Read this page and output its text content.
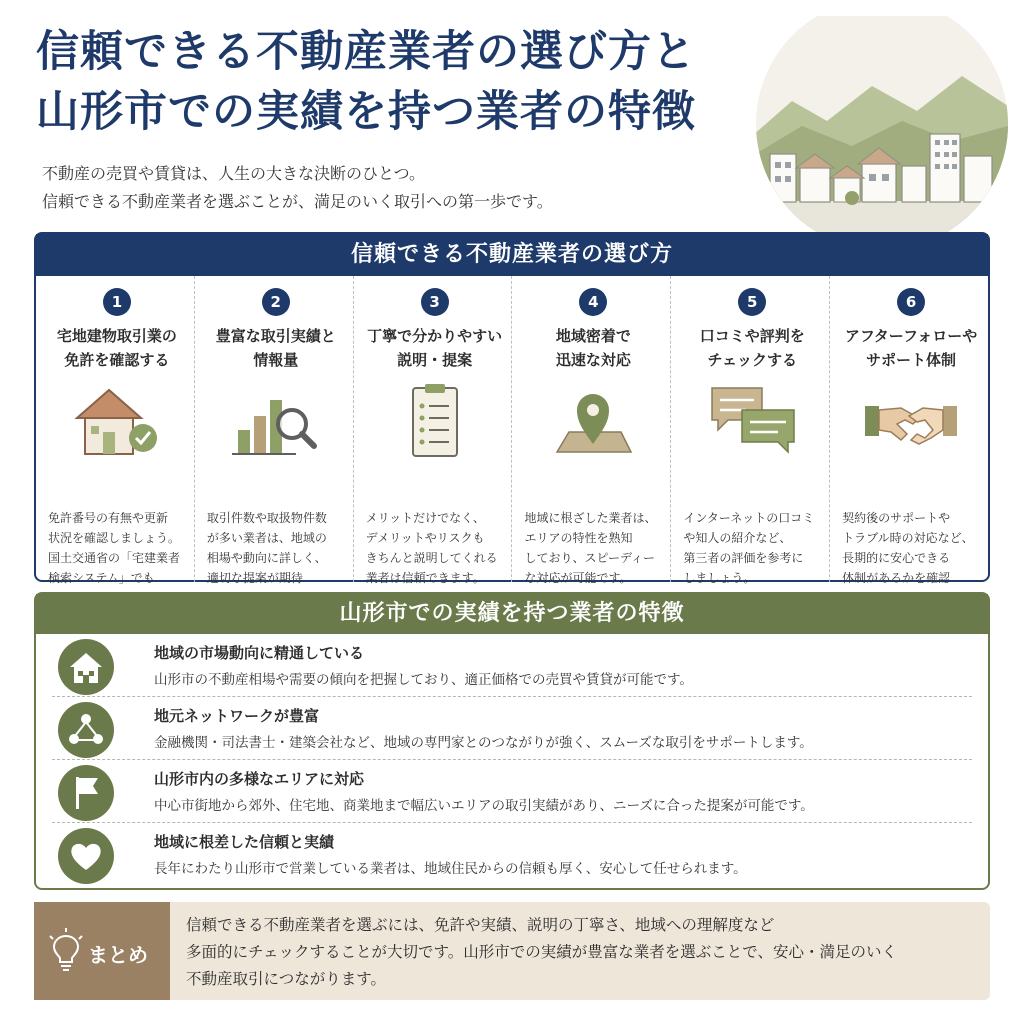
信頼できる不動産業者の選び方と
山形市での実績を持つ業者の特徴
不動産の売買や賃貸は、人生の大きな決断のひとつ。
信頼できる不動産業者を選ぶことが、満足のいく取引への第一歩です。
信頼できる不動産業者の選び方
1
宅地建物取引業の
免許を確認する
免許番号の有無や更新
状況を確認しましょう。
国土交通省の「宅建業者
検索システム」でも
2
豊富な取引実績と
情報量
取引件数や取扱物件数
が多い業者は、地域の
相場や動向に詳しく、
適切な提案が期待
3
丁寧で分かりやすい
説明・提案
メリットだけでなく、
デメリットやリスクも
きちんと説明してくれる
業者は信頼できます。
4
地域密着で
迅速な対応
地域に根ざした業者は、
エリアの特性を熟知
しており、スピーディー
な対応が可能です。
5
口コミや評判を
チェックする
インターネットの口コミ
や知人の紹介など、
第三者の評価を参考に
しましょう。
6
アフターフォローや
サポート体制
契約後のサポートや
トラブル時の対応など、
長期的に安心できる
体制があるかを確認
山形市での実績を持つ業者の特徴
地域の市場動向に精通している
山形市の不動産相場や需要の傾向を把握しており、適正価格での売買や賃貸が可能です。
地元ネットワークが豊富
金融機関・司法書士・建築会社など、地域の専門家とのつながりが強く、スムーズな取引をサポートします。
山形市内の多様なエリアに対応
中心市街地から郊外、住宅地、商業地まで幅広いエリアの取引実績があり、ニーズに合った提案が可能です。
地域に根差した信頼と実績
長年にわたり山形市で営業している業者は、地域住民からの信頼も厚く、安心して任せられます。
まとめ
信頼できる不動産業者を選ぶには、免許や実績、説明の丁寧さ、地域への理解度など
多面的にチェックすることが大切です。山形市での実績が豊富な業者を選ぶことで、安心・満足のいく
不動産取引につながります。
